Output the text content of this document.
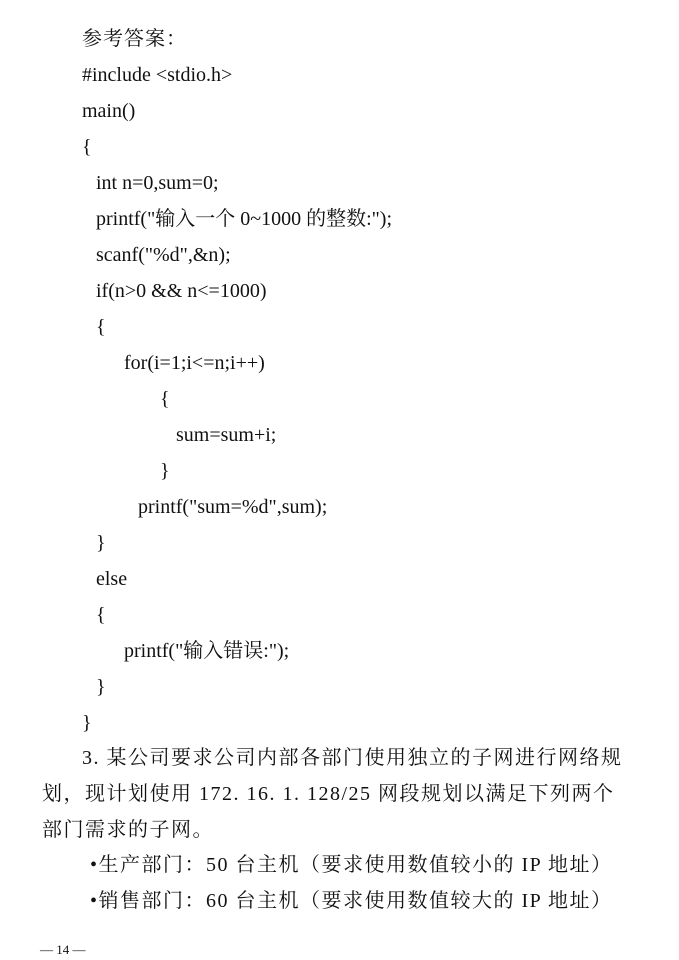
参考答案：
#include <stdio.h>
main()
{
int n=0,sum=0;
printf("输入一个 0~1000 的整数:");
scanf("%d",&n);
if(n>0 && n<=1000)
{
for(i=1;i<=n;i++)
{
sum=sum+i;
}
printf("sum=%d",sum);
}
else
{
printf("输入错误:");
}
}
3. 某公司要求公司内部各部门使用独立的子网进行网络规划，现计划使用 172. 16. 1. 128/25 网段规划以满足下列两个部门需求的子网。
•生产部门：50 台主机（要求使用数值较小的 IP 地址）
•销售部门：60 台主机（要求使用数值较大的 IP 地址）
— 14 —
